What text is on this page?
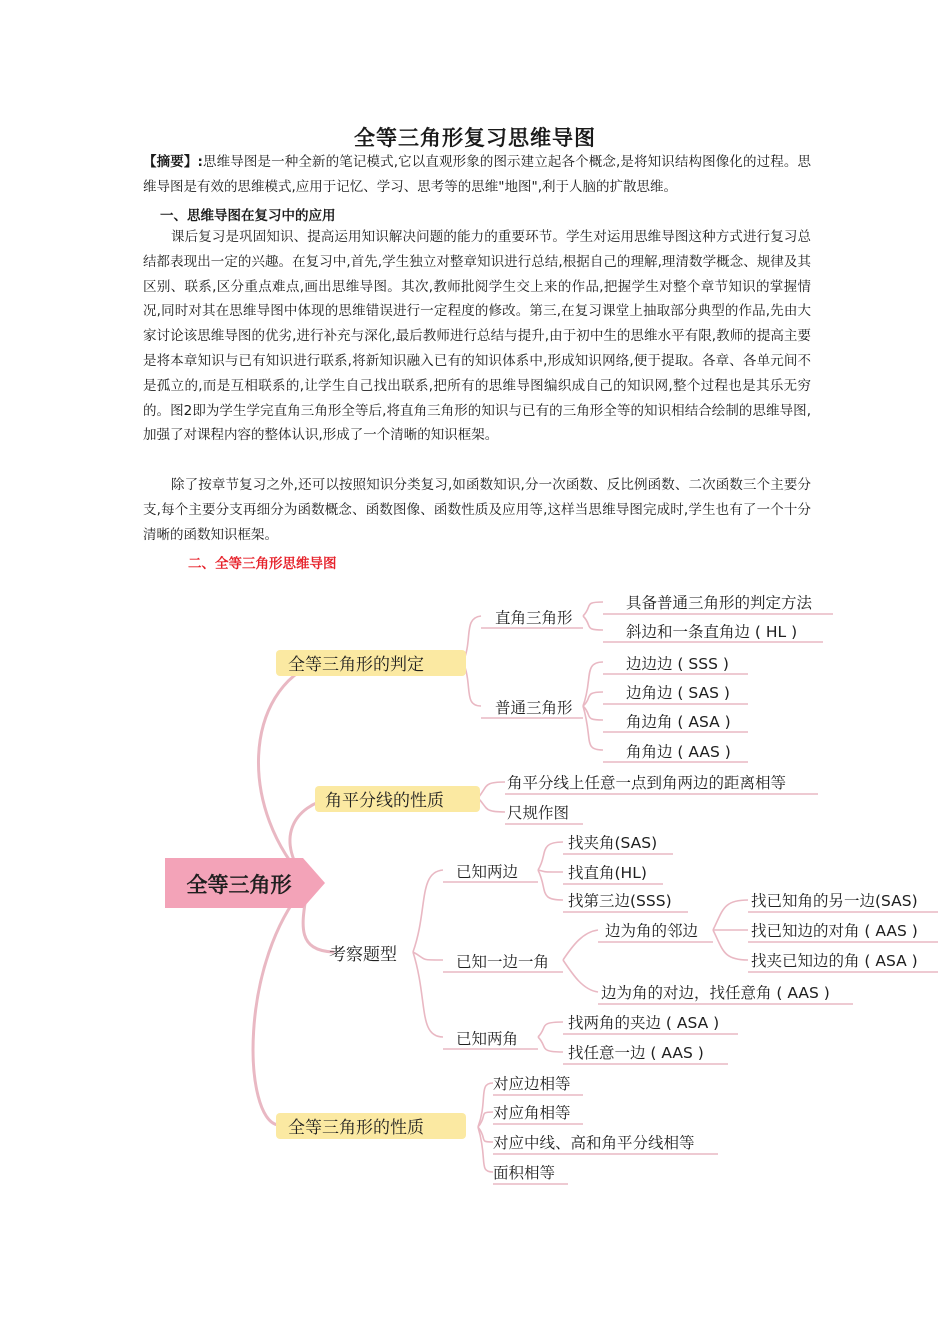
全等三角形复习思维导图

【摘要】:思维导图是一种全新的笔记模式,它以直观形象的图示建立起各个概念,是将知识结构图像化的过程。思维导图是有效的思维模式,应用于记忆、学习、思考等的思维"地图",利于人脑的扩散思维。

一、思维导图在复习中的应用

课后复习是巩固知识、提高运用知识解决问题的能力的重要环节。学生对运用思维导图这种方式进行复习总结都表现出一定的兴趣。在复习中,首先,学生独立对整章知识进行总结,根据自己的理解,理清数学概念、规律及其区别、联系,区分重点难点,画出思维导图。其次,教师批阅学生交上来的作品,把握学生对整个章节知识的掌握情况,同时对其在思维导图中体现的思维错误进行一定程度的修改。第三,在复习课堂上抽取部分典型的作品,先由大家讨论该思维导图的优劣,进行补充与深化,最后教师进行总结与提升,由于初中生的思维水平有限,教师的提高主要是将本章知识与已有知识进行联系,将新知识融入已有的知识体系中,形成知识网络,便于提取。各章、各单元间不是孤立的,而是互相联系的,让学生自己找出联系,把所有的思维导图编织成自己的知识网,整个过程也是其乐无穷的。图2即为学生学完直角三角形全等后,将直角三角形的知识与已有的三角形全等的知识相结合绘制的思维导图,加强了对课程内容的整体认识,形成了一个清晰的知识框架。

除了按章节复习之外,还可以按照知识分类复习,如函数知识,分一次函数、反比例函数、二次函数三个主要分支,每个主要分支再细分为函数概念、函数图像、函数性质及应用等,这样当思维导图完成时,学生也有了一个十分清晰的函数知识框架。

二、全等三角形思维导图

全等三角形
全等三角形的判定
角平分线的性质
考察题型
全等三角形的性质
直角三角形
普通三角形
具备普通三角形的判定方法
斜边和一条直角边 ( HL )
边边边 ( SSS )
边角边 ( SAS )
角边角 ( ASA )
角角边 ( AAS )
角平分线上任意一点到角两边的距离相等
尺规作图
已知两边
已知一边一角
已知两角
找夹角(SAS)
找直角(HL)
找第三边(SSS)
边为角的邻边
边为角的对边，找任意角 ( AAS )
找已知角的另一边(SAS)
找已知边的对角 ( AAS )
找夹已知边的角 ( ASA )
找两角的夹边 ( ASA )
找任意一边 ( AAS )
对应边相等
对应角相等
对应中线、高和角平分线相等
面积相等
